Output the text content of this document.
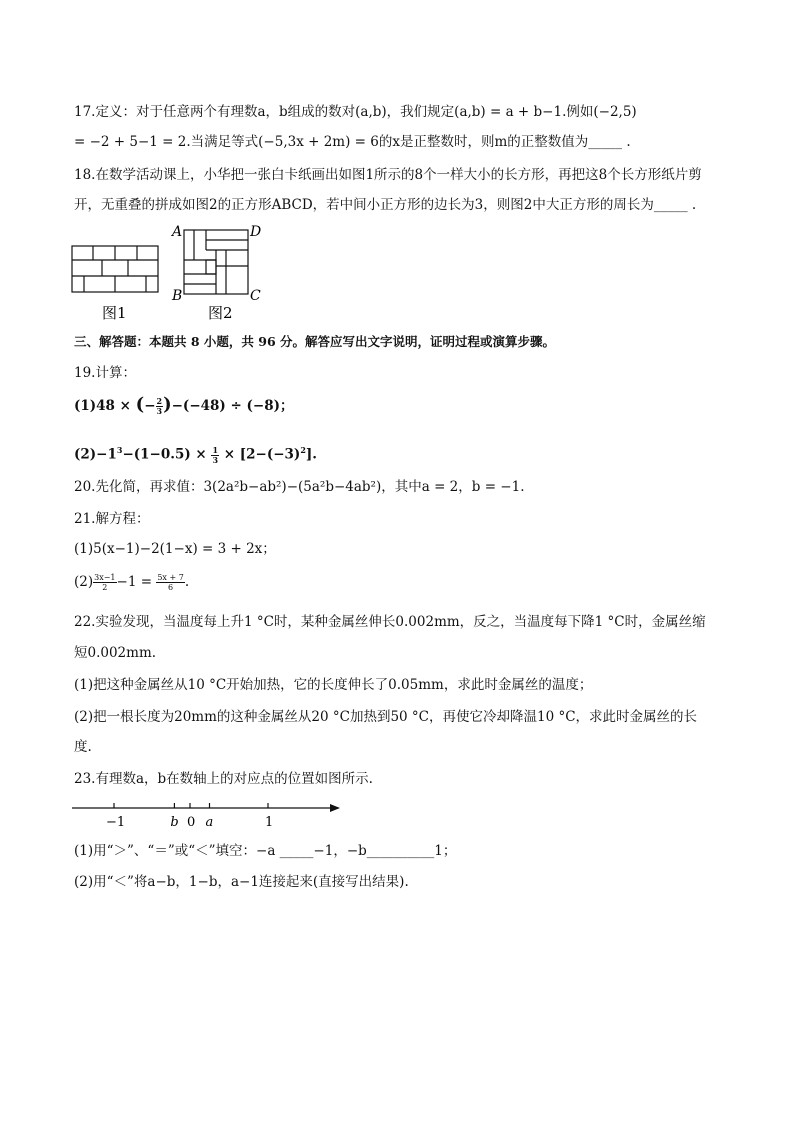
17.定义：对于任意两个有理数a，b组成的数对(a,b)，我们规定(a,b) = a + b−1.例如(−2,5)
= −2 + 5−1 = 2.当满足等式(−5,3x + 2m) = 6的x是正整数时，则m的正整数值为_____ .
18.在数学活动课上，小华把一张白卡纸画出如图1所示的8个一样大小的长方形，再把这8个长方形纸片剪
开，无重叠的拼成如图2的正方形ABCD，若中间小正方形的边长为3，则图2中大正方形的周长为_____ .
图1
A	D
B	C
图2
三、解答题：本题共 8 小题，共 96 分。解答应写出文字说明，证明过程或演算步骤。
19.计算：
(1)48 × (− $\frac{2}{3} )-(-48) \div (-8)$；
$(2)-1^3-(1-0.5) \times \frac{1}{3} \times [2-(-3)^2]$.
20.先化简，再求值：3(2a²b−ab²)−(5a²b−4ab²)，其中a = 2，b = −1.
21.解方程：
(1)5(x−1)−2(1−x) = 3 + 2x；
$(2) \frac{3x-1}{2} -1 = \frac{5x + 7}{6}$ .
22.实验发现，当温度每上升1 °C时，某种金属丝伸长0.002mm，反之，当温度每下降1 °C时，金属丝缩
短0.002mm.
(1)把这种金属丝从10 °C开始加热，它的长度伸长了0.05mm，求此时金属丝的温度；
(2)把一根长度为20mm的这种金属丝从20 °C加热到50 °C，再使它冷却降温10 °C，求此时金属丝的长
度.
23.有理数a，b在数轴上的对应点的位置如图所示.
−1	b 0	1
a
(1)用“＞”、“＝”或“＜”填空：−a _____−1，−b__________1；
(2)用“＜”将a−b，1−b，a−1连接起来(直接写出结果).
